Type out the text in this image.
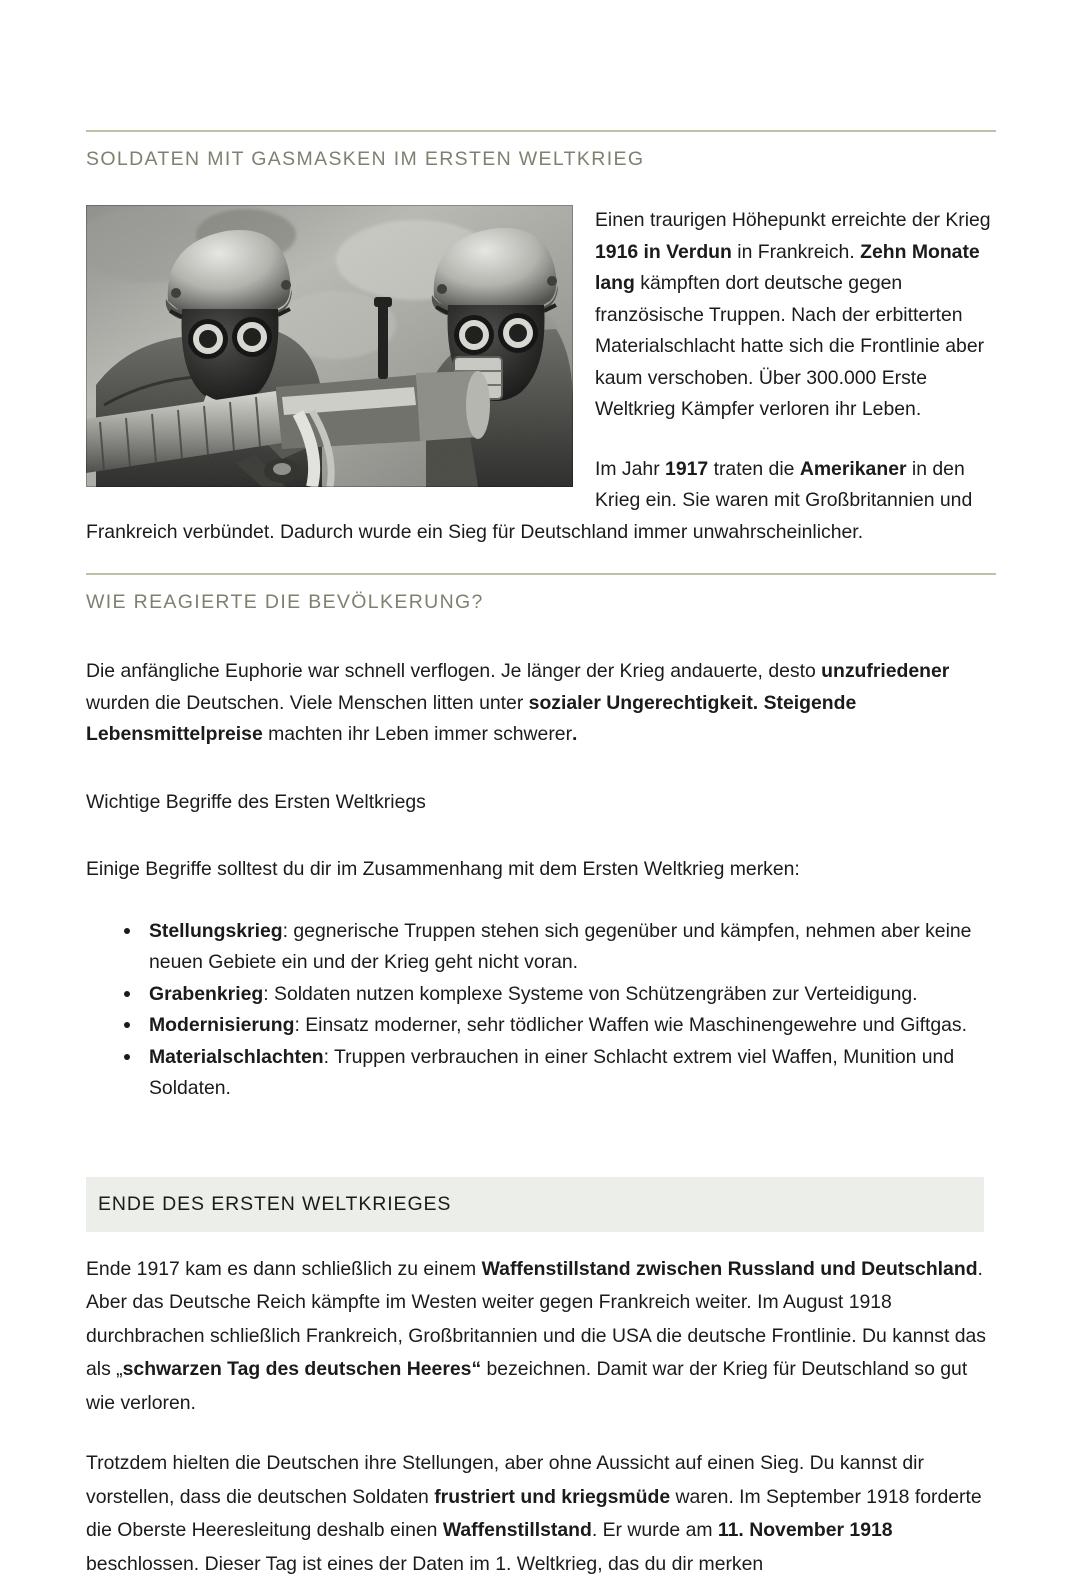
SOLDATEN MIT GASMASKEN IM ERSTEN WELTKRIEG

Einen traurigen Höhepunkt erreichte der Krieg 1916 in Verdun in Frankreich. Zehn Monate lang kämpften dort deutsche gegen französische Truppen. Nach der erbitterten Materialschlacht hatte sich die Frontlinie aber kaum verschoben. Über 300.000 Erste Weltkrieg Kämpfer verloren ihr Leben.

Im Jahr 1917 traten die Amerikaner in den Krieg ein. Sie waren mit Großbritannien und Frankreich verbündet. Dadurch wurde ein Sieg für Deutschland immer unwahrscheinlicher.

WIE REAGIERTE DIE BEVÖLKERUNG?

Die anfängliche Euphorie war schnell verflogen. Je länger der Krieg andauerte, desto unzufriedener wurden die Deutschen. Viele Menschen litten unter sozialer Ungerechtigkeit. Steigende Lebensmittelpreise machten ihr Leben immer schwerer.

Wichtige Begriffe des Ersten Weltkriegs

Einige Begriffe solltest du dir im Zusammenhang mit dem Ersten Weltkrieg merken:

Stellungskrieg: gegnerische Truppen stehen sich gegenüber und kämpfen, nehmen aber keine neuen Gebiete ein und der Krieg geht nicht voran.
Grabenkrieg: Soldaten nutzen komplexe Systeme von Schützengräben zur Verteidigung.
Modernisierung: Einsatz moderner, sehr tödlicher Waffen wie Maschinengewehre und Giftgas.
Materialschlachten: Truppen verbrauchen in einer Schlacht extrem viel Waffen, Munition und Soldaten.
ENDE DES ERSTEN WELTKRIEGES

Ende 1917 kam es dann schließlich zu einem Waffenstillstand zwischen Russland und Deutschland. Aber das Deutsche Reich kämpfte im Westen weiter gegen Frankreich weiter. Im August 1918 durchbrachen schließlich Frankreich, Großbritannien und die USA die deutsche Frontlinie. Du kannst das als „schwarzen Tag des deutschen Heeres“ bezeichnen. Damit war der Krieg für Deutschland so gut wie verloren.

Trotzdem hielten die Deutschen ihre Stellungen, aber ohne Aussicht auf einen Sieg. Du kannst dir vorstellen, dass die deutschen Soldaten frustriert und kriegsmüde waren. Im September 1918 forderte die Oberste Heeresleitung deshalb einen Waffenstillstand. Er wurde am 11. November 1918 beschlossen. Dieser Tag ist eines der Daten im 1. Weltkrieg, das du dir merken
